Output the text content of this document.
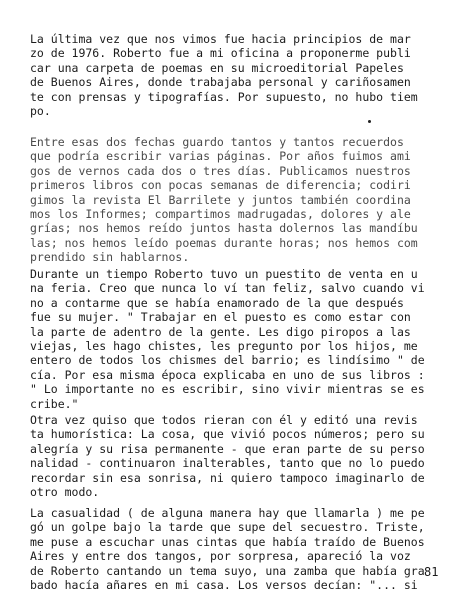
La última vez que nos vimos fue hacia principios de mar
zo de 1976. Roberto fue a mi oficina a proponerme publi
car una carpeta de poemas en su microeditorial Papeles
de Buenos Aires, donde trabajaba personal y cariñosamen
te con prensas y tipografías. Por supuesto, no hubo tiem
po.
Entre esas dos fechas guardo tantos y tantos recuerdos
que podría escribir varias páginas. Por años fuimos ami
gos de vernos cada dos o tres días. Publicamos nuestros
primeros libros con pocas semanas de diferencia; codiri
gimos la revista El Barrilete y juntos también coordina
mos los Informes; compartimos madrugadas, dolores y ale
grías; nos hemos reído juntos hasta dolernos las mandíbu
las; nos hemos leído poemas durante horas; nos hemos com
prendido sin hablarnos.
Durante un tiempo Roberto tuvo un puestito de venta en u
na feria. Creo que nunca lo ví tan feliz, salvo cuando vi
no a contarme que se había enamorado de la que después
fue su mujer. " Trabajar en el puesto es como estar con
la parte de adentro de la gente. Les digo piropos a las
viejas, les hago chistes, les pregunto por los hijos, me
entero de todos los chismes del barrio; es lindísimo " de
cía. Por esa misma época explicaba en uno de sus libros :
" Lo importante no es escribir, sino vivir mientras se es
cribe."
Otra vez quiso que todos rieran con él y editó una revis
ta humorística: La cosa, que vivió pocos números; pero su
alegría y su risa permanente - que eran parte de su perso
nalidad - continuaron inalterables, tanto que no lo puedo
recordar sin esa sonrisa, ni quiero tampoco imaginarlo de
otro modo.
La casualidad ( de alguna manera hay que llamarla ) me pe
gó un golpe bajo la tarde que supe del secuestro. Triste,
me puse a escuchar unas cintas que había traído de Buenos
Aires y entre dos tangos, por sorpresa, apareció la voz
de Roberto cantando un tema suyo, una zamba que había gra
bado hacía añares en mi casa. Los versos decían: "... si
81
